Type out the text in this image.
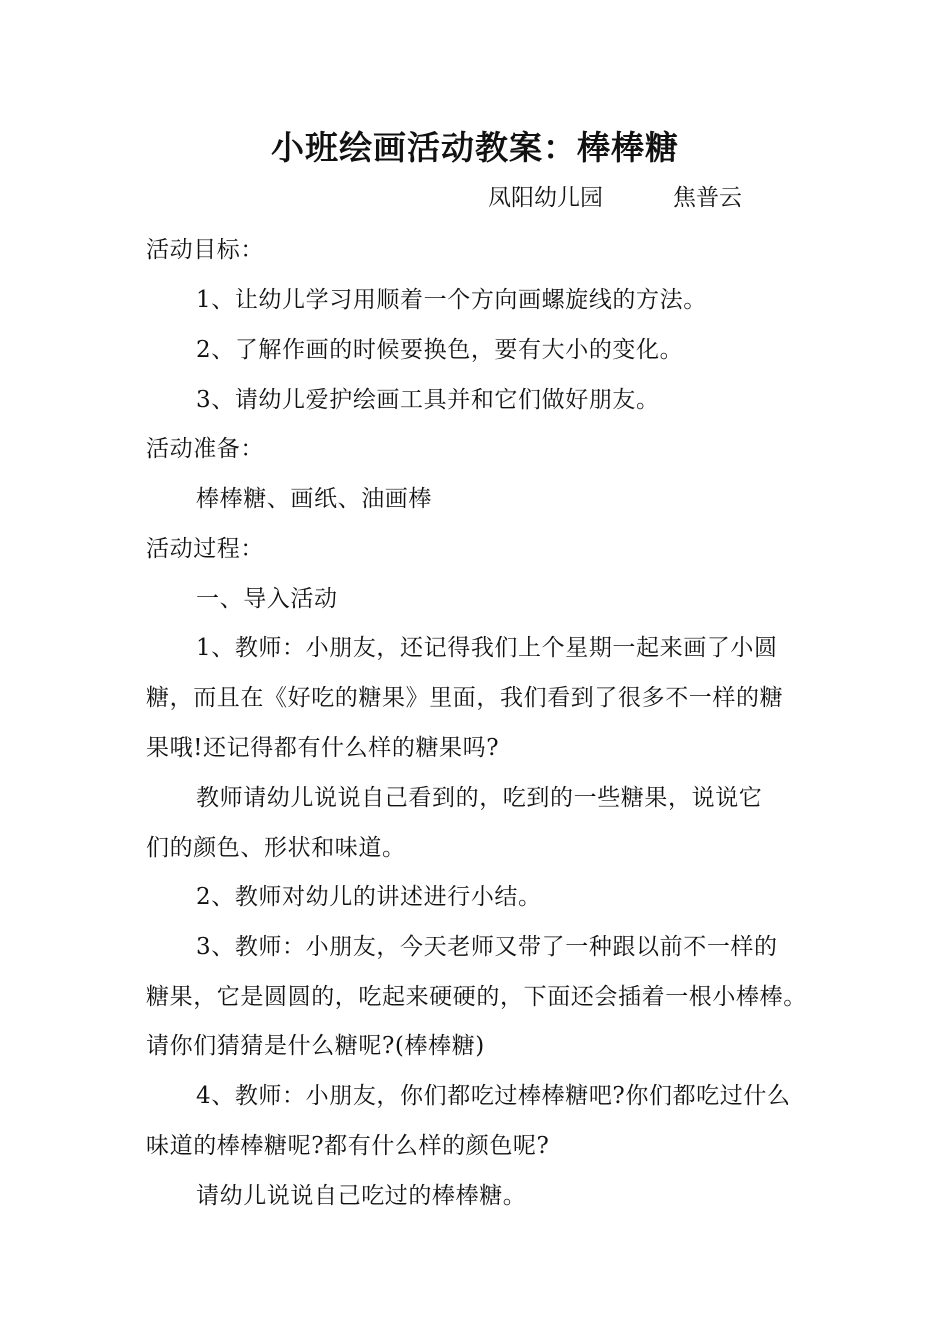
小班绘画活动教案：棒棒糖
凤阳幼儿园	焦普云
活动目标：
1、让幼儿学习用顺着一个方向画螺旋线的方法。
2、了解作画的时候要换色，要有大小的变化。
3、请幼儿爱护绘画工具并和它们做好朋友。
活动准备：
棒棒糖、画纸、油画棒
活动过程：
一、导入活动
1、教师：小朋友，还记得我们上个星期一起来画了小圆
糖，而且在《好吃的糖果》里面，我们看到了很多不一样的糖
果哦!还记得都有什么样的糖果吗?
教师请幼儿说说自己看到的，吃到的一些糖果，说说它
们的颜色、形状和味道。
2、教师对幼儿的讲述进行小结。
3、教师：小朋友，今天老师又带了一种跟以前不一样的
糖果，它是圆圆的，吃起来硬硬的，下面还会插着一根小棒棒。
请你们猜猜是什么糖呢?(棒棒糖)
4、教师：小朋友，你们都吃过棒棒糖吧?你们都吃过什么
味道的棒棒糖呢?都有什么样的颜色呢?
请幼儿说说自己吃过的棒棒糖。
